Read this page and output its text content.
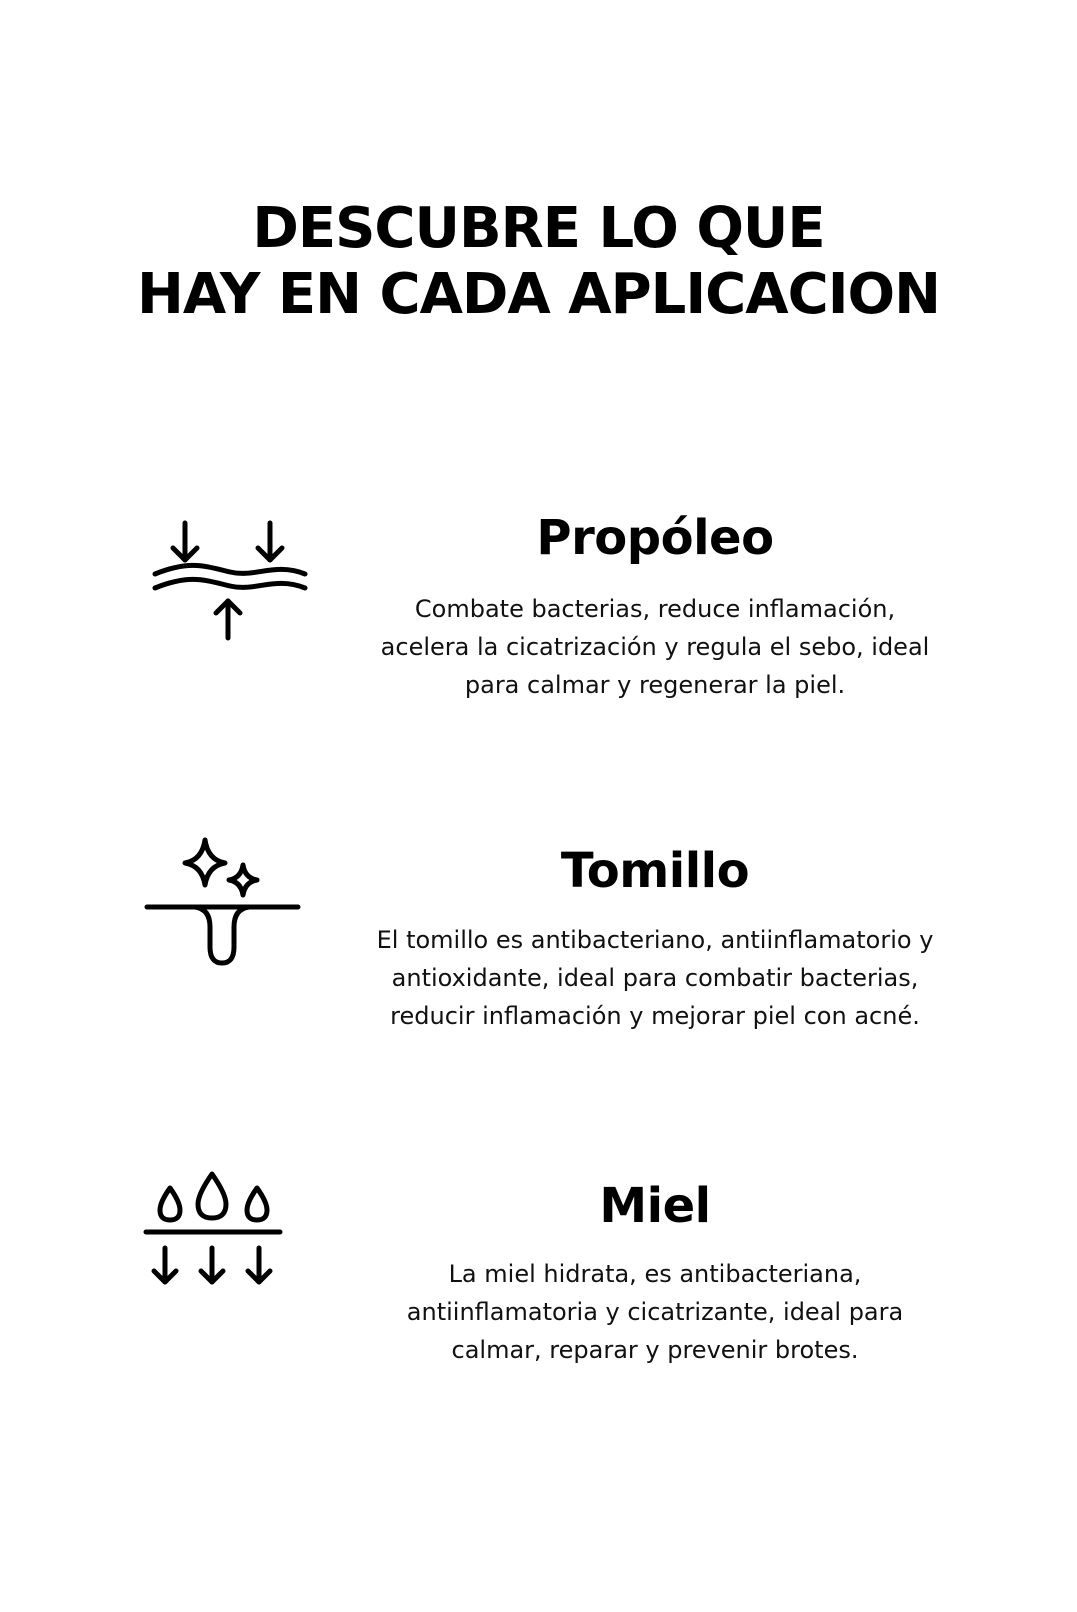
DESCUBRE LO QUE
HAY EN CADA APLICACION
Propóleo

Combate bacterias, reduce inflamación, acelera la cicatrización y regula el sebo, ideal para calmar y regenerar la piel.

Tomillo

El tomillo es antibacteriano, antiinflamatorio y antioxidante, ideal para combatir bacterias, reducir inflamación y mejorar piel con acné.

Miel

La miel hidrata, es antibacteriana, antiinflamatoria y cicatrizante, ideal para calmar, reparar y prevenir brotes.
